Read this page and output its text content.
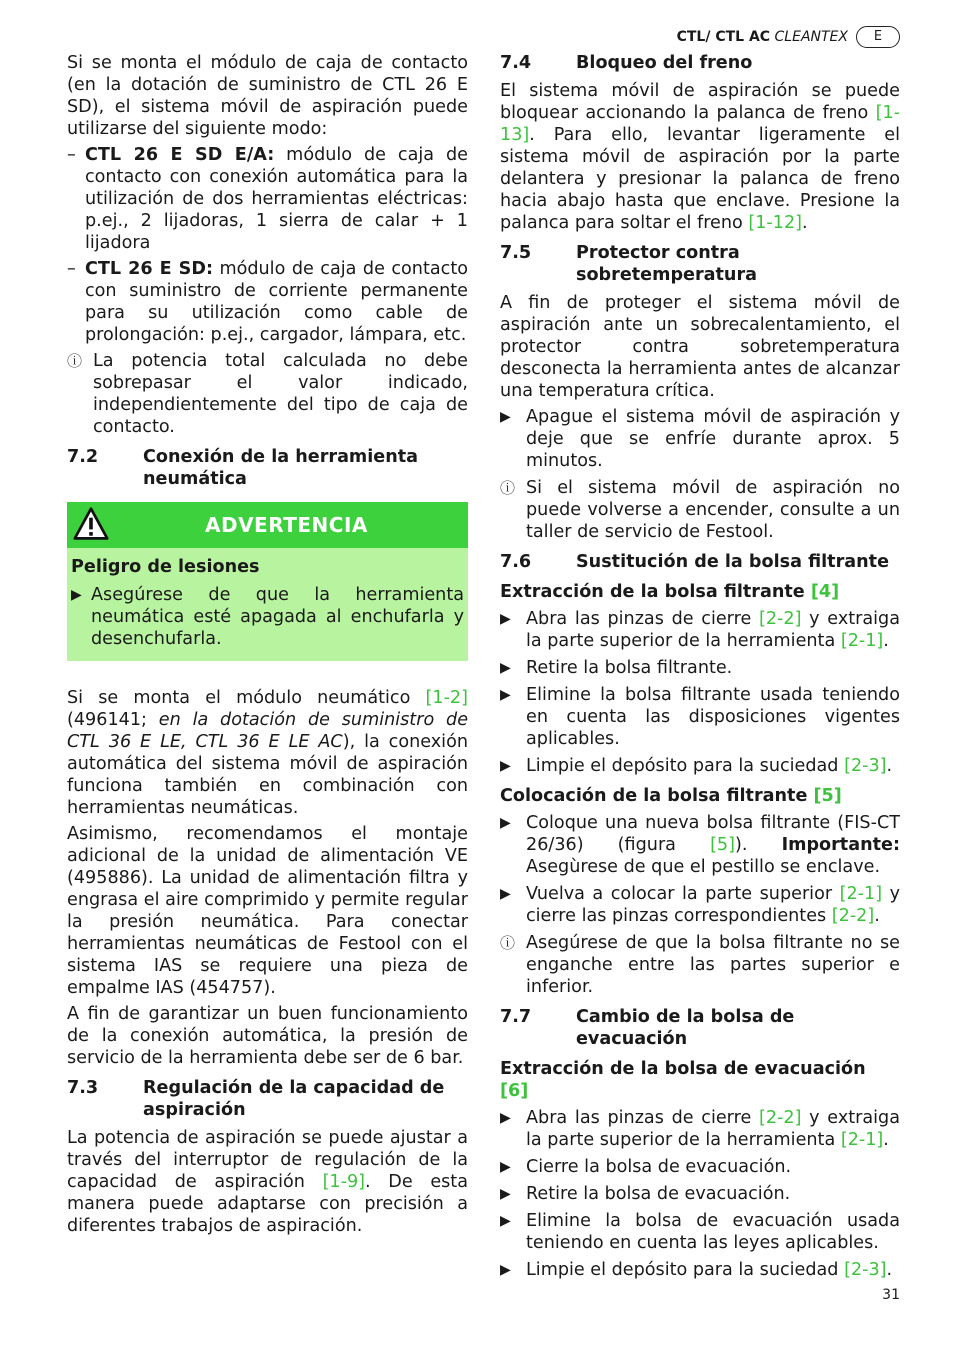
CTL/ CTL AC CLEANTEX	E

Si se monta el módulo de caja de contacto (en la dotación de suministro de CTL 26 E SD), el sistema móvil de aspiración puede utilizarse del siguiente modo:

– CTL 26 E SD E/A: módulo de caja de contacto con conexión automática para la utilización de dos herramientas eléctricas: p.ej., 2 lijadoras, 1 sierra de calar + 1 lijadora
– CTL 26 E SD: módulo de caja de contacto con suministro de corriente permanente para su utilización como cable de prolongación: p.ej., cargador, lámpara, etc.
ⓘ La potencia total calculada no debe sobrepasar el valor indicado, independientemente del tipo de caja de contacto.
7.2	Conexión de la herramienta neumática
ADVERTENCIA
Peligro de lesiones
▶ Asegúrese de que la herramienta neumática esté apagada al enchufarla y desenchufarla.

Si se monta el módulo neumático [1-2] (496141; en la dotación de suministro de CTL 36 E LE, CTL 36 E LE AC), la conexión automática del sistema móvil de aspiración funciona también en combinación con herramientas neumáticas.

Asimismo, recomendamos el montaje adicional de la unidad de alimentación VE (495886). La unidad de alimentación filtra y engrasa el aire comprimido y permite regular la presión neumática. Para conectar herramientas neumáticas de Festool con el sistema IAS se requiere una pieza de empalme IAS (454757).

A fin de garantizar un buen funcionamiento de la conexión automática, la presión de servicio de la herramienta debe ser de 6 bar.

7.3	Regulación de la capacidad de aspiración

La potencia de aspiración se puede ajustar a través del interruptor de regulación de la capacidad de aspiración [1-9]. De esta manera puede adaptarse con precisión a diferentes trabajos de aspiración.

7.4	Bloqueo del freno

El sistema móvil de aspiración se puede bloquear accionando la palanca de freno [1-13]. Para ello, levantar ligeramente el sistema móvil de aspiración por la parte delantera y presionar la palanca de freno hacia abajo hasta que enclave. Presione la palanca para soltar el freno [1-12].

7.5	Protector contra sobretemperatura

A fin de proteger el sistema móvil de aspiración ante un sobrecalentamiento, el protector contra sobretemperatura desconecta la herramienta antes de alcanzar una temperatura crítica.

▶ Apague el sistema móvil de aspiración y deje que se enfríe durante aprox. 5 minutos.
ⓘ Si el sistema móvil de aspiración no puede volverse a encender, consulte a un taller de servicio de Festool.
7.6	Sustitución de la bolsa filtrante
Extracción de la bolsa filtrante [4]
▶ Abra las pinzas de cierre [2-2] y extraiga la parte superior de la herramienta [2-1].
▶ Retire la bolsa filtrante.
▶ Elimine la bolsa filtrante usada teniendo en cuenta las disposiciones vigentes aplicables.
▶ Limpie el depósito para la suciedad [2-3].
Colocación de la bolsa filtrante [5]
▶ Coloque una nueva bolsa filtrante (FIS-CT 26/36) (figura [5]). Importante: Asegùrese de que el pestillo se enclave.
▶ Vuelva a colocar la parte superior [2-1] y cierre las pinzas correspondientes [2-2].
ⓘ Asegúrese de que la bolsa filtrante no se enganche entre las partes superior e inferior.
7.7	Cambio de la bolsa de evacuación
Extracción de la bolsa de evacuación [6]
▶ Abra las pinzas de cierre [2-2] y extraiga la parte superior de la herramienta [2-1].
▶ Cierre la bolsa de evacuación.
▶ Retire la bolsa de evacuación.
▶ Elimine la bolsa de evacuación usada teniendo en cuenta las leyes aplicables.
▶ Limpie el depósito para la suciedad [2-3].
31
